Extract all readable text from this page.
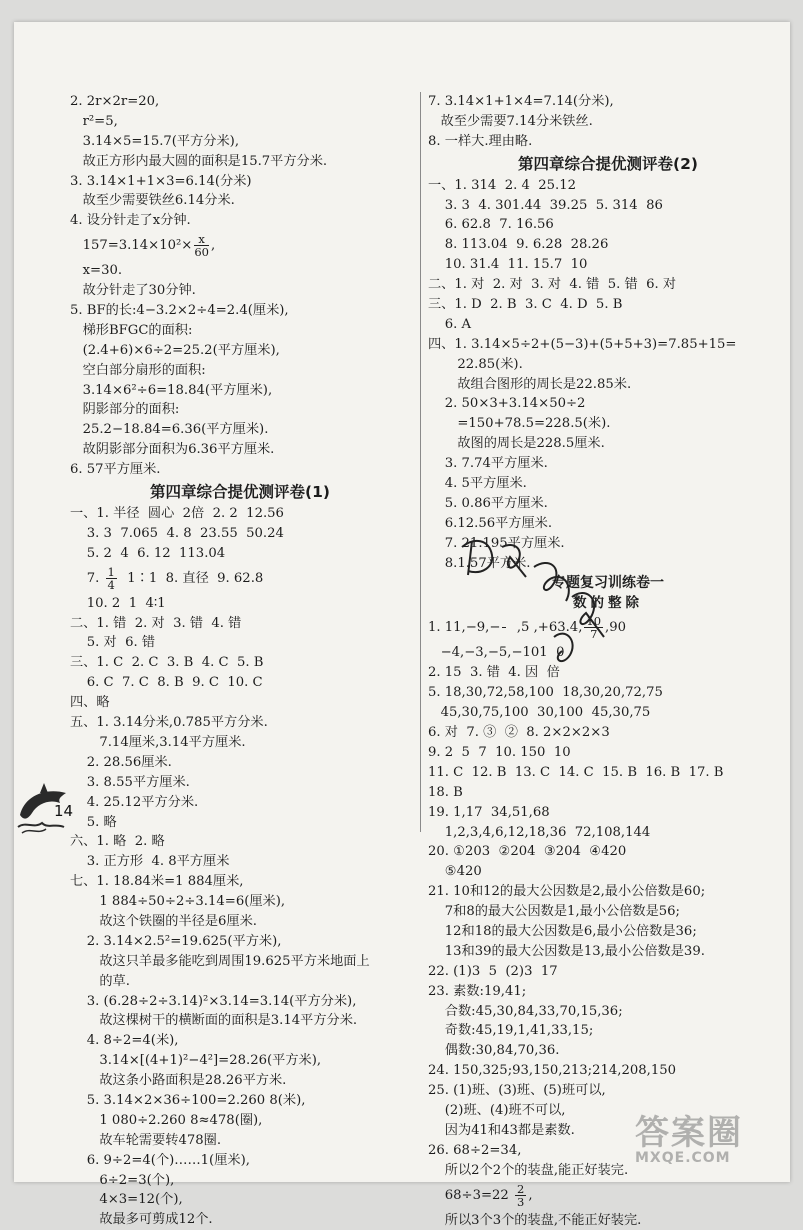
2. 2r×2r=20,
r²=5,
3.14×5=15.7(平方分米),
故正方形内最大圆的面积是15.7平方分米.
3. 3.14×1+1×3=6.14(分米)
故至少需要铁丝6.14分米.
4. 设分针走了x分钟.
$157=3.14\times 10^2\times \frac{x}{60}$ ,
x=30.
故分针走了30分钟.
5. BF的长:4−3.2×2÷4=2.4(厘米),
梯形BFGC的面积:
(2.4+6)×6÷2=25.2(平方厘米),
空白部分扇形的面积:
3.14×6²÷6=18.84(平方厘米),
阴影部分的面积:
25.2−18.84=6.36(平方厘米).
故阴影部分面积为6.36平方厘米.
6. 57平方厘米.
第四章综合提优测评卷(1)
一、1. 半径  圆心  2倍  2. 2  12.56
3. 3  7.065  4. 8  23.55  50.24
5. 2  4  6. 12  113.04
7. $\frac{1}{4}$ 1∶1  8. 直径  9. 62.8
10. 2  1  4∶1
二、1. 错  2. 对  3. 错  4. 错
5. 对  6. 错
三、1. C  2. C  3. B  4. C  5. B
6. C  7. C  8. B  9. C  10. C
四、略
五、1. 3.14分米,0.785平方分米.
7.14厘米,3.14平方厘米.
2. 28.56厘米.
3. 8.55平方厘米.
4. 25.12平方分米.
5. 略
六、1. 略  2. 略
3. 正方形  4. 8平方厘米
七、1. 18.84米=1 884厘米,
1 884÷50÷2÷3.14=6(厘米),
故这个铁圈的半径是6厘米.
2. 3.14×2.5²=19.625(平方米),
故这只羊最多能吃到周围19.625平方米地面上
的草.
3. (6.28÷2÷3.14)²×3.14=3.14(平方分米),
故这棵树干的横断面的面积是3.14平方分米.
4. 8÷2=4(米),
3.14×[(4+1)²−4²]=28.26(平方米),
故这条小路面积是28.26平方米.
5. 3.14×2×36÷100=2.260 8(米),
1 080÷2.260 8≈478(圈),
故车轮需要转478圈.
6. 9÷2=4(个)……1(厘米),
6÷2=3(个),
4×3=12(个),
故最多可剪成12个.
7. 3.14×1+1×4=7.14(分米),
故至少需要7.14分米铁丝.
8. 一样大.理由略.
第四章综合提优测评卷(2)
一、1. 314  2. 4  25.12
3. 3  4. 301.44  39.25  5. 314  86
6. 62.8  7. 16.56
8. 113.04  9. 6.28  28.26
10. 31.4  11. 15.7  10
二、1. 对  2. 对  3. 对  4. 错  5. 错  6. 对
三、1. D  2. B  3. C  4. D  5. B
6. A
四、1. 3.14×5÷2+(5−3)+(5+5+3)=7.85+15=
22.85(米).
故组合图形的周长是22.85米.
2. 50×3+3.14×50÷2
=150+78.5=228.5(米).
故图的周长是228.5厘米.
3. 7.74平方厘米.
4. 5平方厘米.
5. 0.86平方厘米.
6.12.56平方厘米.
7. 21.195平方厘米.
8.1.57平方米.
专题复习训练卷一
数的整除
1. 11,−9,−
,5 ,+63.4, $\frac{10}{7} ,90$
−4,−3,−5,−101  0
2. 15  3. 错  4. 因  倍
5. 18,30,72,58,100  18,30,20,72,75
45,30,75,100  30,100  45,30,75
6. 对  7. ③  ②  8. 2×2×2×3
9. 2  5  7  10. 150  10
11. C  12. B  13. C  14. C  15. B  16. B  17. B
18. B
19. 1,17  34,51,68
1,2,3,4,6,12,18,36  72,108,144
20. ①203  ②204  ③204  ④420
⑤420
21. 10和12的最大公因数是2,最小公倍数是60;
7和8的最大公因数是1,最小公倍数是56;
12和18的最大公因数是6,最小公倍数是36;
13和39的最大公因数是13,最小公倍数是39.
22. (1)3  5  (2)3  17
23. 素数:19,41;
合数:45,30,84,33,70,15,36;
奇数:45,19,1,41,33,15;
偶数:30,84,70,36.
24. 150,325;93,150,213;214,208,150
25. (1)班、(3)班、(5)班可以,
(2)班、(4)班不可以,
因为41和43都是素数.
26. 68÷2=34,
所以2个2个的装盘,能正好装完.
$68\div 3=22 \frac{2}{3}$ ,
所以3个3个的装盘,不能正好装完.
14
答案圈
MXQE.COM
